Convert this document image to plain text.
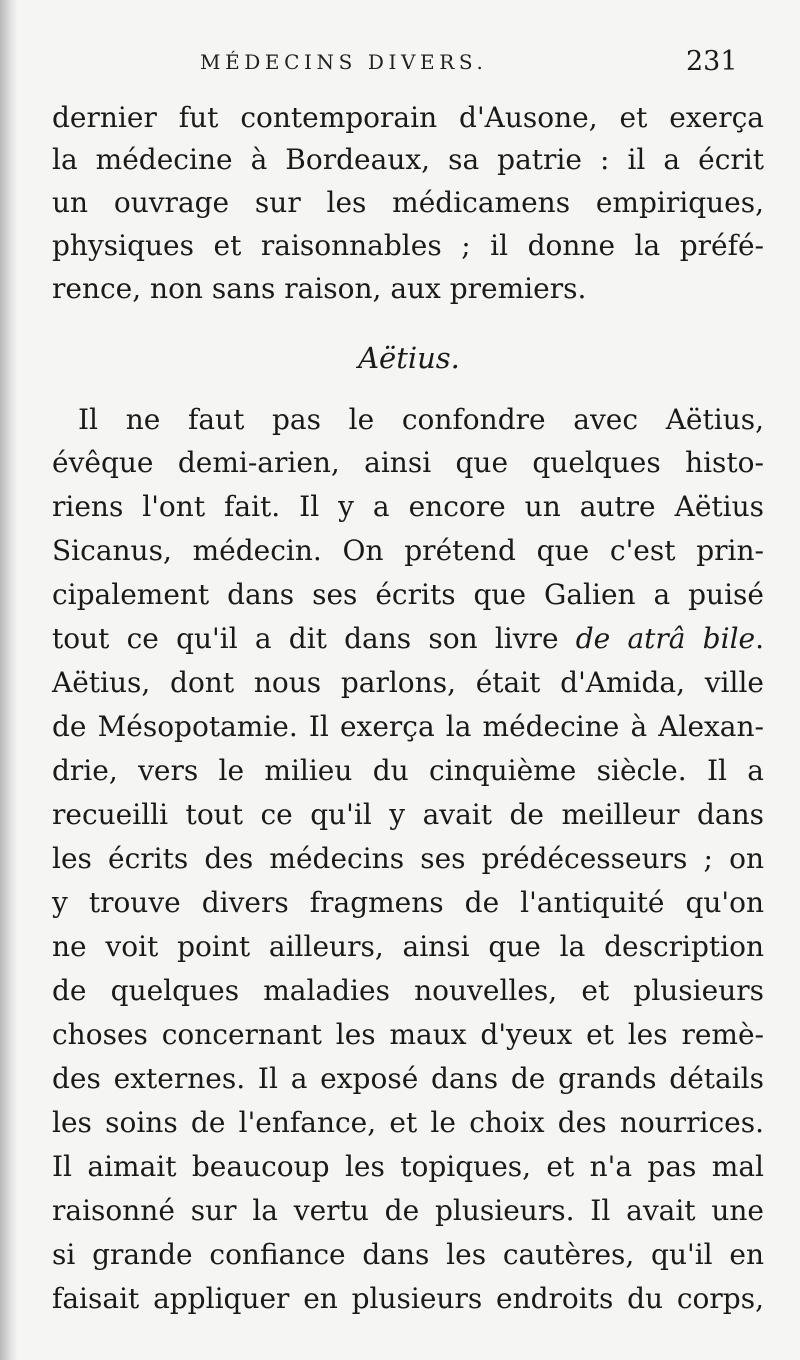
MÉDECINS DIVERS.	231
dernier fut contemporain d'Ausone, et exerça
la médecine à Bordeaux, sa patrie : il a écrit
un ouvrage sur les médicamens empiriques,
physiques et raisonnables ; il donne la préfé-
rence, non sans raison, aux premiers.
Aëtius.
Il ne faut pas le confondre avec Aëtius,
évêque demi-arien, ainsi que quelques histo-
riens l'ont fait. Il y a encore un autre Aëtius
Sicanus, médecin. On prétend que c'est prin-
cipalement dans ses écrits que Galien a puisé
tout ce qu'il a dit dans son livre de atrâ bile.
Aëtius, dont nous parlons, était d'Amida, ville
de Mésopotamie. Il exerça la médecine à Alexan-
drie, vers le milieu du cinquième siècle. Il a
recueilli tout ce qu'il y avait de meilleur dans
les écrits des médecins ses prédécesseurs ; on
y trouve divers fragmens de l'antiquité qu'on
ne voit point ailleurs, ainsi que la description
de quelques maladies nouvelles, et plusieurs
choses concernant les maux d'yeux et les remè-
des externes. Il a exposé dans de grands détails
les soins de l'enfance, et le choix des nourrices.
Il aimait beaucoup les topiques, et n'a pas mal
raisonné sur la vertu de plusieurs. Il avait une
si grande confiance dans les cautères, qu'il en
faisait appliquer en plusieurs endroits du corps,
